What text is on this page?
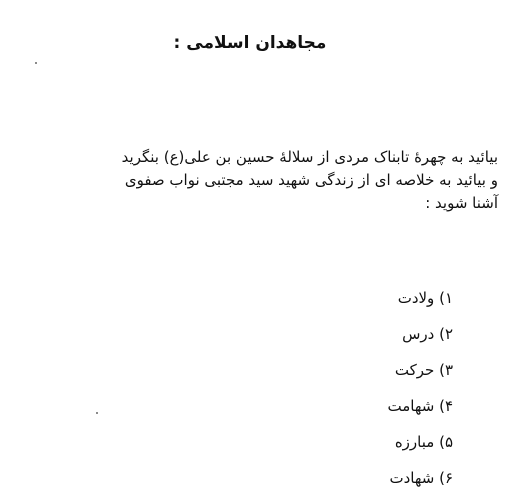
مجاهدان اسلامی :
بیائید به چهرهٔ تابناک مردی از سلالهٔ حسین بن علی(ع) بنگرید
و بیائید به خلاصه ای از زندگی شهید سید مجتبی نواب صفوی
آشنا شوید :
۱) ولادت
۲) درس
۳) حرکت
۴) شهامت
۵) مبارزه
۶) شهادت
